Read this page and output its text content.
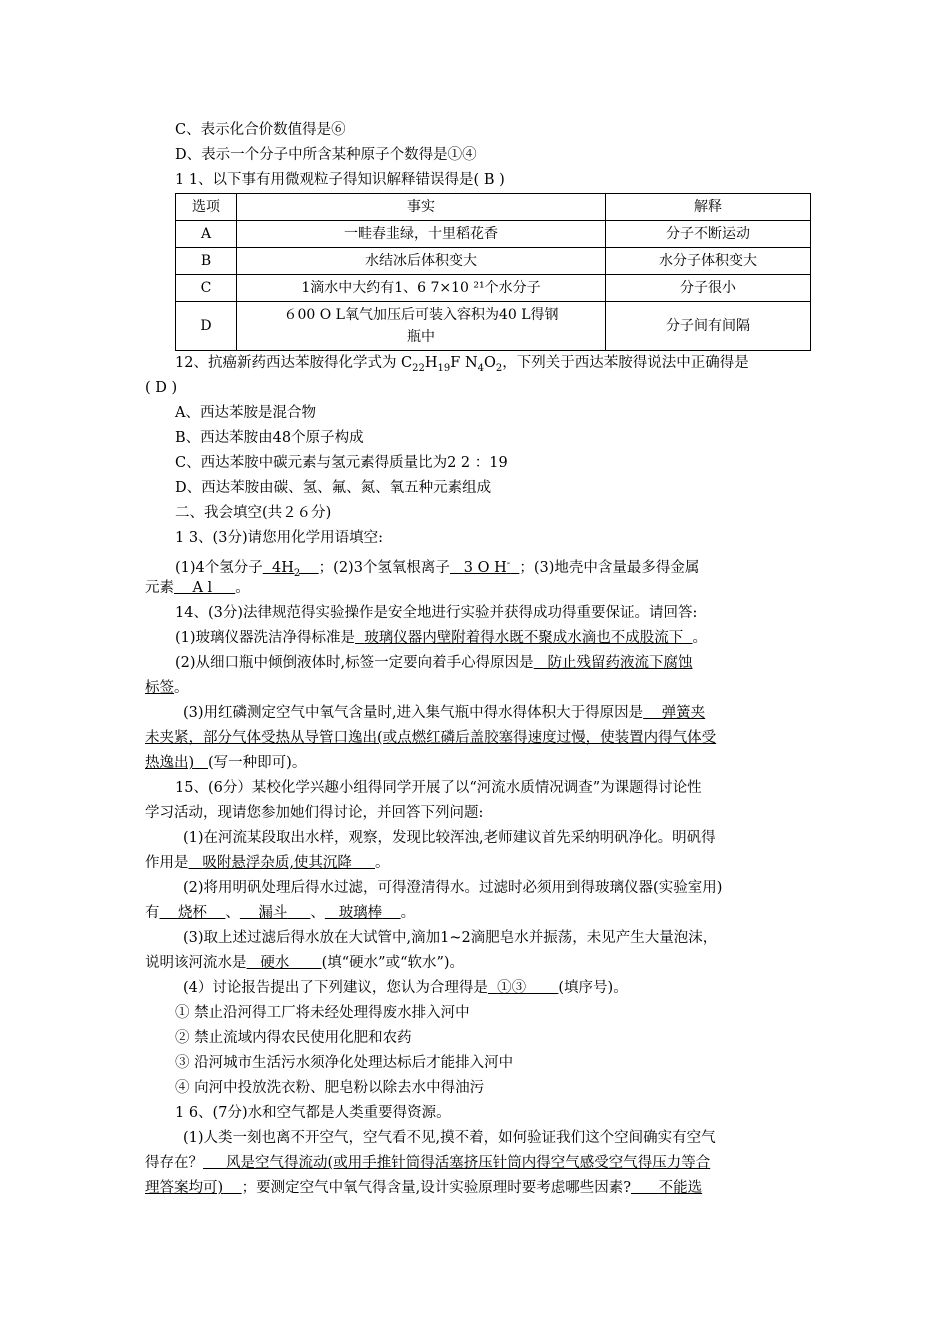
C、表示化合价数值得是⑥
D、表示一个分子中所含某种原子个数得是①④
1 1、以下事有用微观粒子得知识解释错误得是( B )
选项	事实	解释
A	一畦春韭绿，十里稻花香	分子不断运动
B	水结冰后体积变大	水分子体积变大
C	1滴水中大约有1、6 7×10 ²¹个水分子	分子很小
D	６00 O L氧气加压后可装入容积为40 L得钢瓶中	分子间有间隔
12、抗癌新药西达苯胺得化学式为 $C_{22}H_{19}F$ $N_4O_2$，下列关于西达苯胺得说法中正确得是
( D )
A、西达苯胺是混合物
B、西达苯胺由48个原子构成
C、西达苯胺中碳元素与氢元素得质量比为2 2 ：19
D、西达苯胺由碳、氢、氟、氮、氧五种元素组成
二、我会填空(共２６分)
1 3、(3分)请您用化学用语填空:
(1)4个氢分子 $4H_2$ ；(2)3个氢氧根离子 3 O H- ；(3)地壳中含量最多得金属
元素 A l 。
14、(3分)法律规范得实验操作是安全地进行实验并获得成功得重要保证。请回答:
(1)玻璃仪器洗洁净得标准是 玻璃仪器内壁附着得水既不聚成水滴也不成股流下 。
(2)从细口瓶中倾倒液体时,标签一定要向着手心得原因是 防止残留药液流下腐蚀
标签。
(3)用红磷测定空气中氧气含量时,进入集气瓶中得水得体积大于得原因是 弹簧夹
未夹紧，部分气体受热从导管口逸出(或点燃红磷后盖胶塞得速度过慢，使装置内得气体受
热逸出) (写一种即可)。
15、(6分）某校化学兴趣小组得同学开展了以“河流水质情况调查”为课题得讨论性
学习活动，现请您参加她们得讨论，并回答下列问题:
(1)在河流某段取出水样，观察，发现比较浑浊,老师建议首先采纳明矾净化。明矾得
作用是 吸附悬浮杂质,使其沉降 。
(2)将用明矾处理后得水过滤，可得澄清得水。过滤时必须用到得玻璃仪器(实验室用)
有 烧杯 、 漏斗 、 玻璃棒 。
(3)取上述过滤后得水放在大试管中,滴加1~2滴肥皂水并振荡，未见产生大量泡沫，
说明该河流水是 硬水 (填“硬水”或“软水”)。
(4）讨论报告提出了下列建议，您认为合理得是 ①③ (填序号)。
① 禁止沿河得工厂将未经处理得废水排入河中
② 禁止流域内得农民使用化肥和农药
③ 沿河城市生活污水须净化处理达标后才能排入河中
④ 向河中投放洗衣粉、肥皂粉以除去水中得油污
1 6、(7分)水和空气都是人类重要得资源。
(1)人类一刻也离不开空气，空气看不见,摸不着，如何验证我们这个空间确实有空气
得存在？ 风是空气得流动(或用手推针筒得活塞挤压针筒内得空气感受空气得压力等合
理答案均可) ；要测定空气中氧气得含量,设计实验原理时要考虑哪些因素? 不能选
